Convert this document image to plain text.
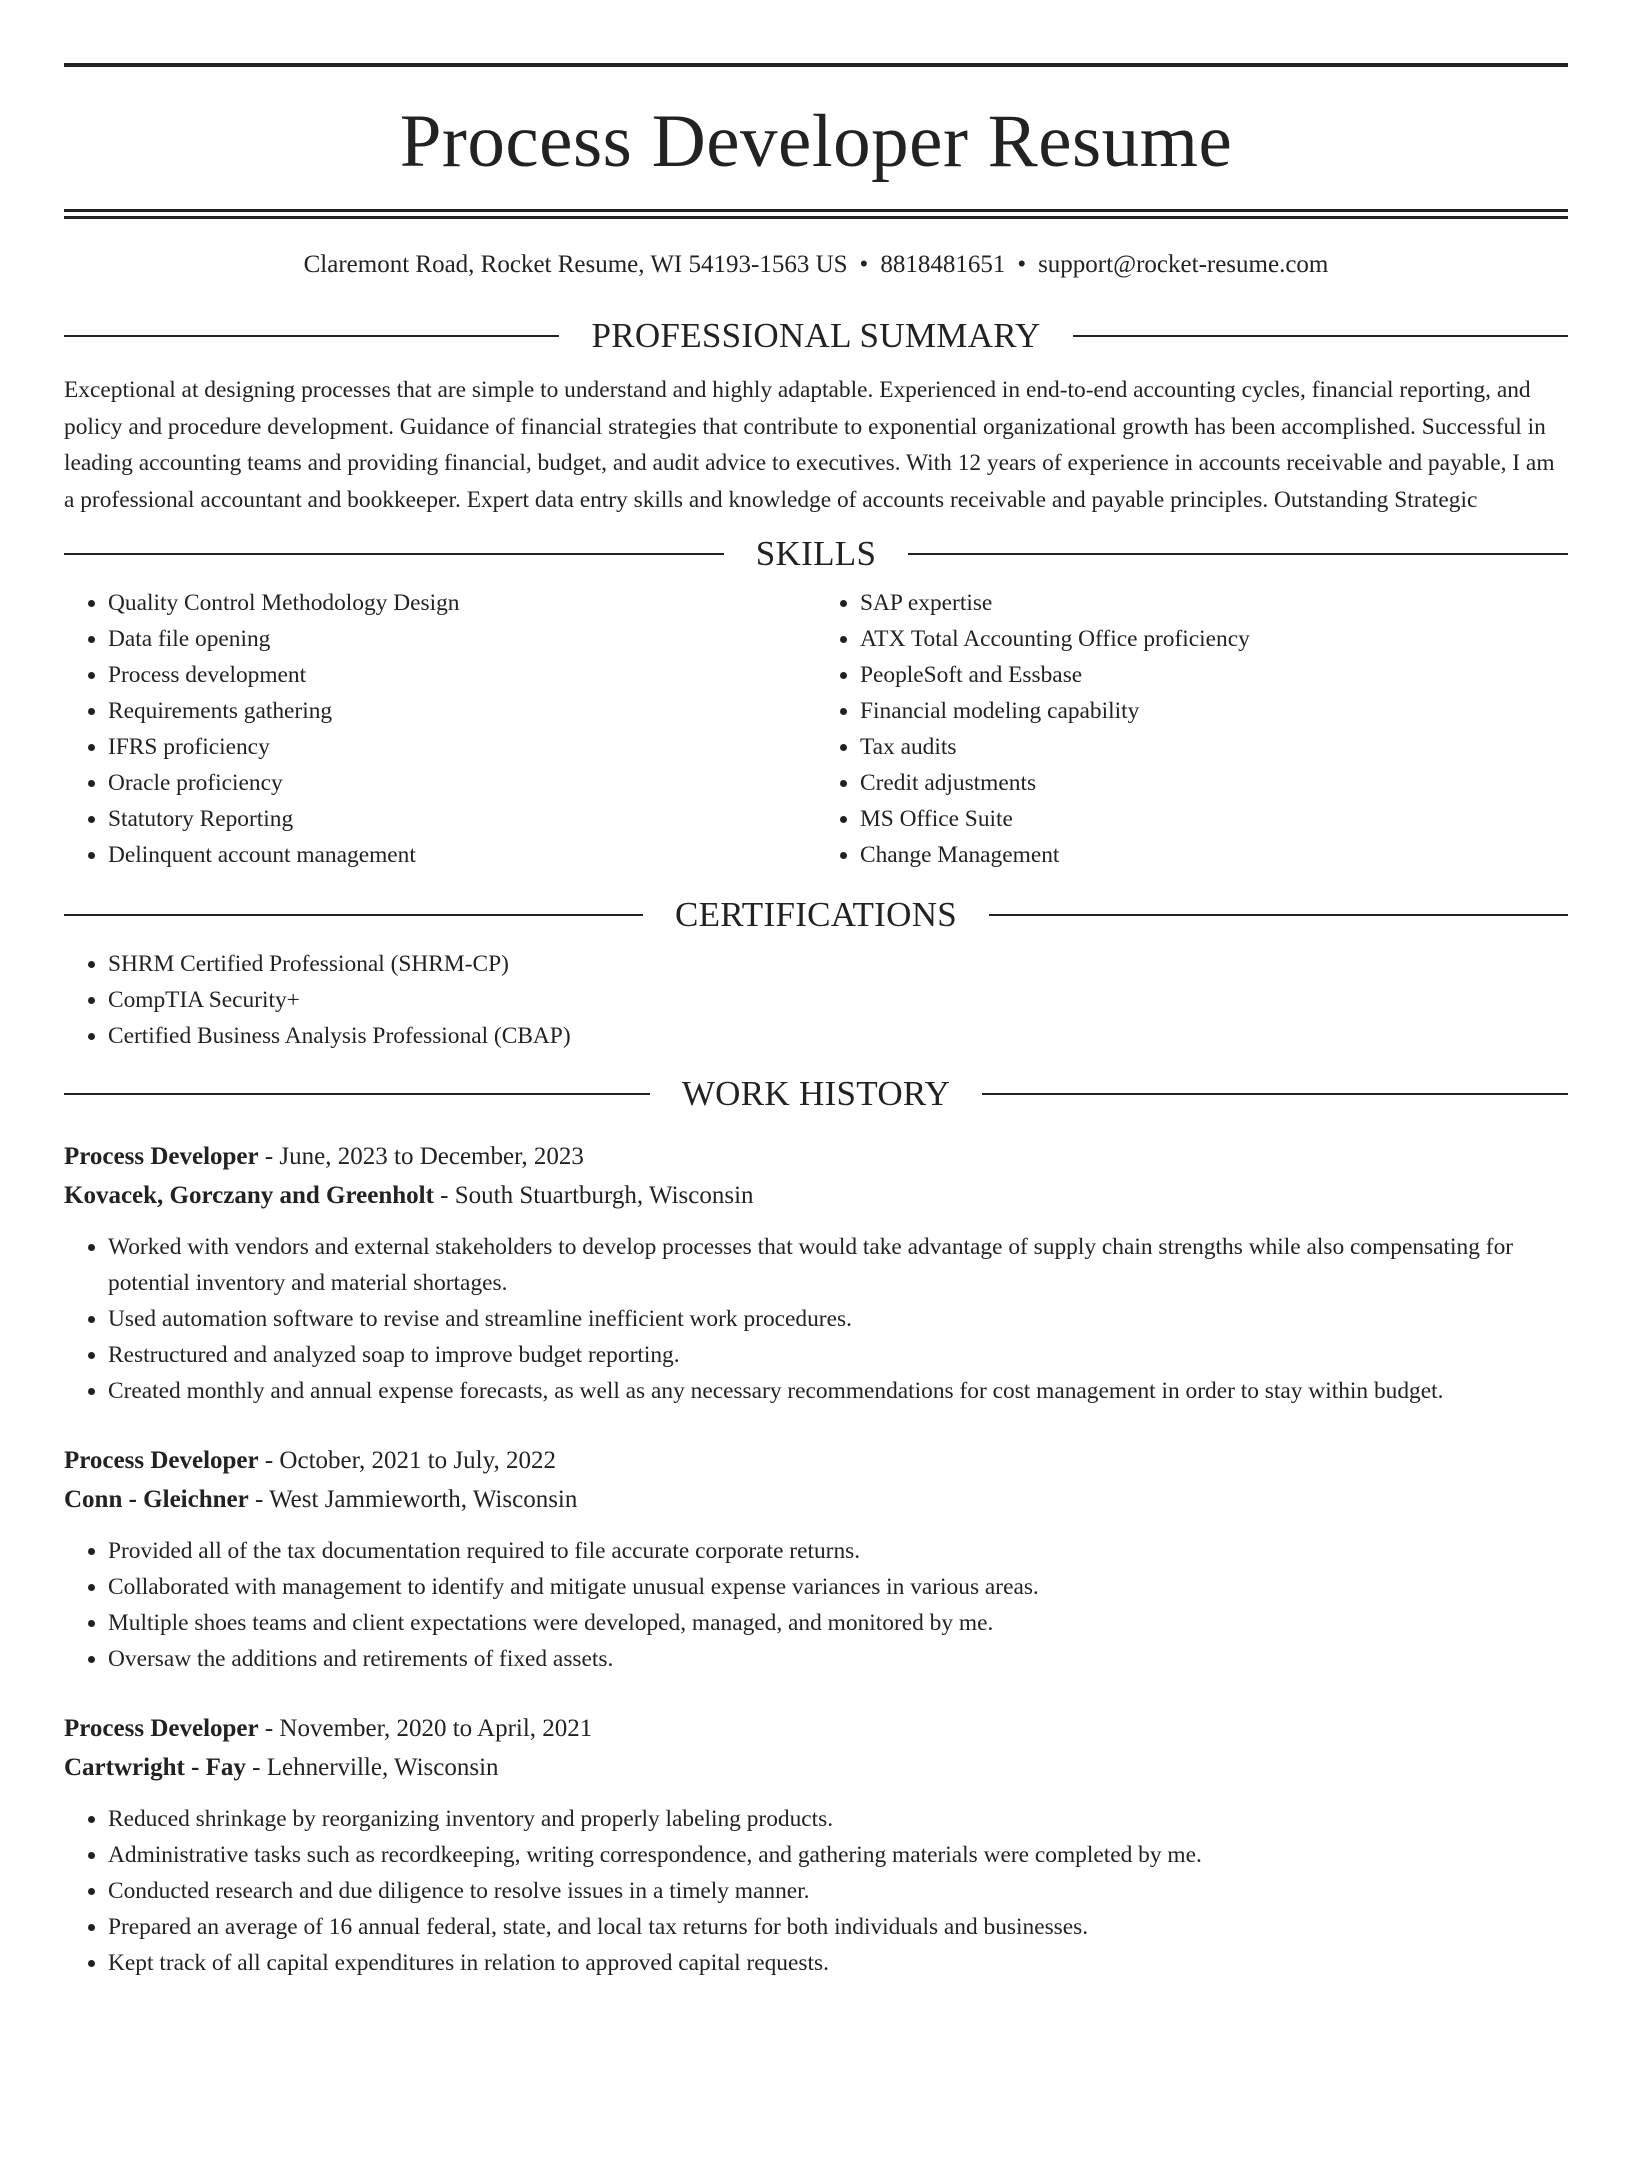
Process Developer Resume
Claremont Road, Rocket Resume, WI 54193-1563 US • 8818481651 • support@rocket-resume.com
PROFESSIONAL SUMMARY

Exceptional at designing processes that are simple to understand and highly adaptable. Experienced in end-to-end accounting cycles, financial reporting, and policy and procedure development. Guidance of financial strategies that contribute to exponential organizational growth has been accomplished. Successful in leading accounting teams and providing financial, budget, and audit advice to executives. With 12 years of experience in accounts receivable and payable, I am a professional accountant and bookkeeper. Expert data entry skills and knowledge of accounts receivable and payable principles. Outstanding Strategic

SKILLS
• Quality Control Methodology Design
• Data file opening
• Process development
• Requirements gathering
• IFRS proficiency
• Oracle proficiency
• Statutory Reporting
• Delinquent account management
• SAP expertise
• ATX Total Accounting Office proficiency
• PeopleSoft and Essbase
• Financial modeling capability
• Tax audits
• Credit adjustments
• MS Office Suite
• Change Management
CERTIFICATIONS
• SHRM Certified Professional (SHRM-CP)
• CompTIA Security+
• Certified Business Analysis Professional (CBAP)
WORK HISTORY
Process Developer - June, 2023 to December, 2023
Kovacek, Gorczany and Greenholt - South Stuartburgh, Wisconsin
• Worked with vendors and external stakeholders to develop processes that would take advantage of supply chain strengths while also compensating for potential inventory and material shortages.
• Used automation software to revise and streamline inefficient work procedures.
• Restructured and analyzed soap to improve budget reporting.
• Created monthly and annual expense forecasts, as well as any necessary recommendations for cost management in order to stay within budget.
Process Developer - October, 2021 to July, 2022
Conn - Gleichner - West Jammieworth, Wisconsin
• Provided all of the tax documentation required to file accurate corporate returns.
• Collaborated with management to identify and mitigate unusual expense variances in various areas.
• Multiple shoes teams and client expectations were developed, managed, and monitored by me.
• Oversaw the additions and retirements of fixed assets.
Process Developer - November, 2020 to April, 2021
Cartwright - Fay - Lehnerville, Wisconsin
• Reduced shrinkage by reorganizing inventory and properly labeling products.
• Administrative tasks such as recordkeeping, writing correspondence, and gathering materials were completed by me.
• Conducted research and due diligence to resolve issues in a timely manner.
• Prepared an average of 16 annual federal, state, and local tax returns for both individuals and businesses.
• Kept track of all capital expenditures in relation to approved capital requests.
